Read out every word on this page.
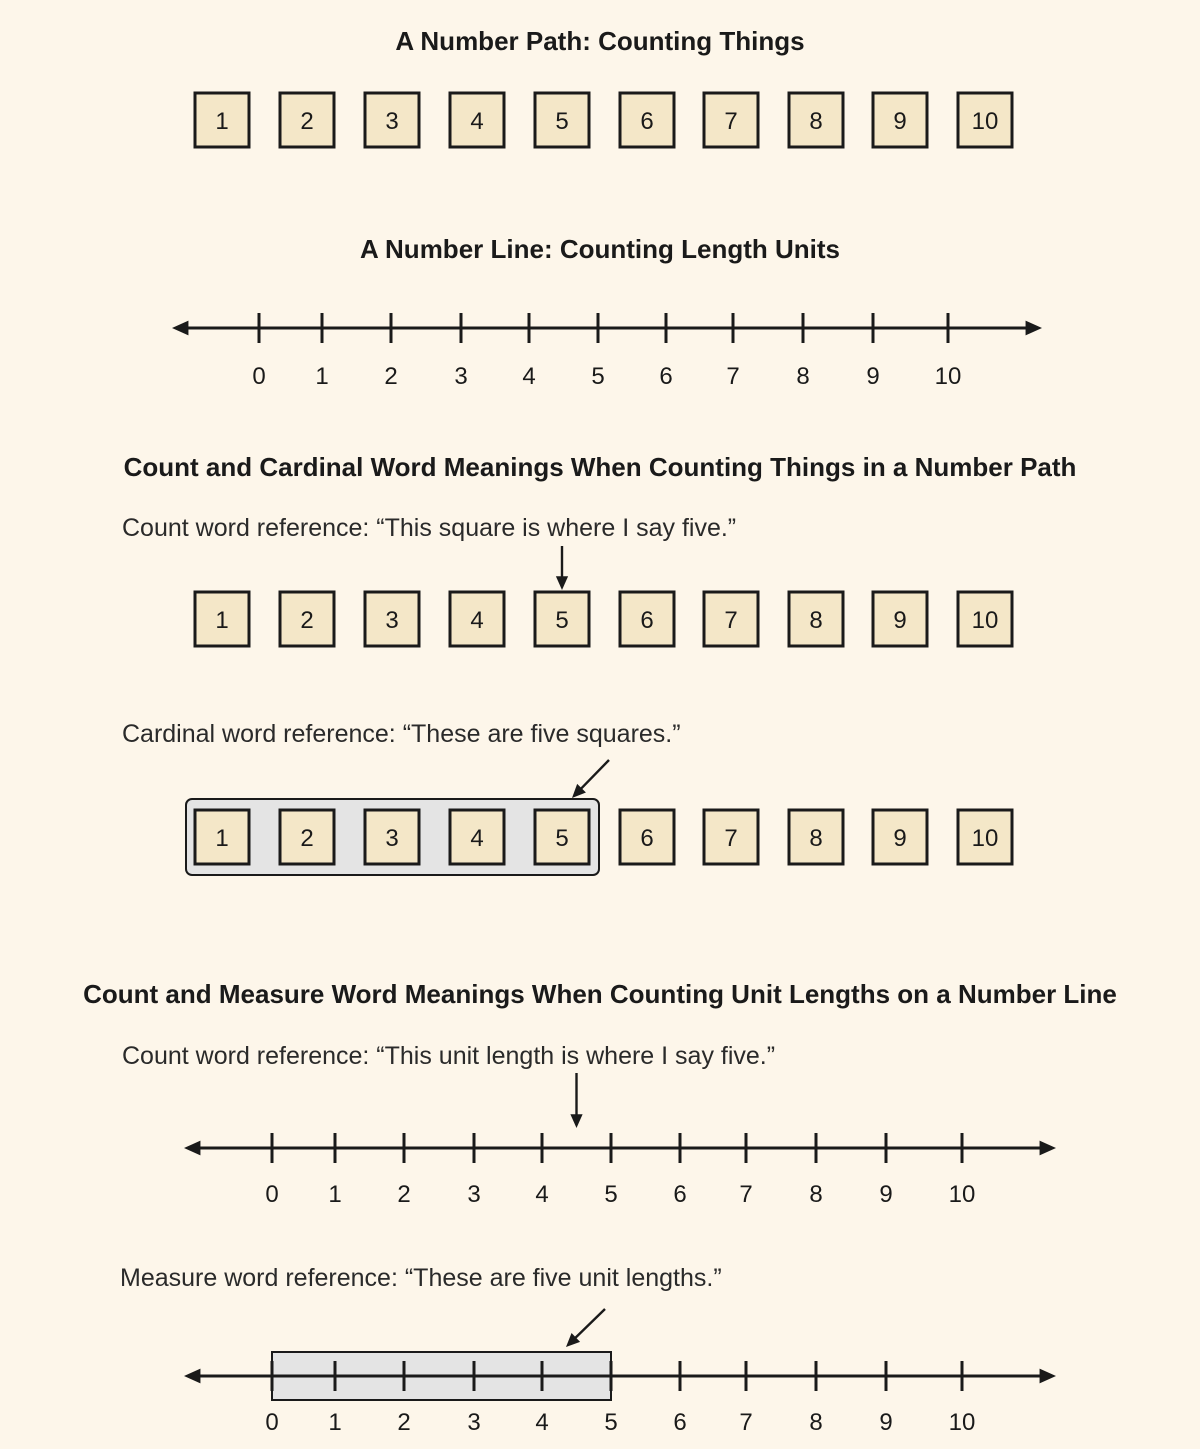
A Number Path: Counting Things
A Number Line: Counting Length Units
Count and Cardinal Word Meanings When Counting Things in a Number Path
Count word reference: “This square is where I say five.”
Cardinal word reference: “These are five squares.”
Count and Measure Word Meanings When Counting Unit Lengths on a Number Line
Count word reference: “This unit length is where I say five.”
Measure word reference: “These are five unit lengths.”
1	2	3	4	5	6	7	8	9	10
0 1 2 3 4 5 6 7 8 9 10
1	2	3	4	5	6	7	8	9	10
1	2	3	4	5	6	7	8	9	10
0 1 2 3 4 5 6 7 8 9 10
0 1 2 3 4 5 6 7 8 9 10
